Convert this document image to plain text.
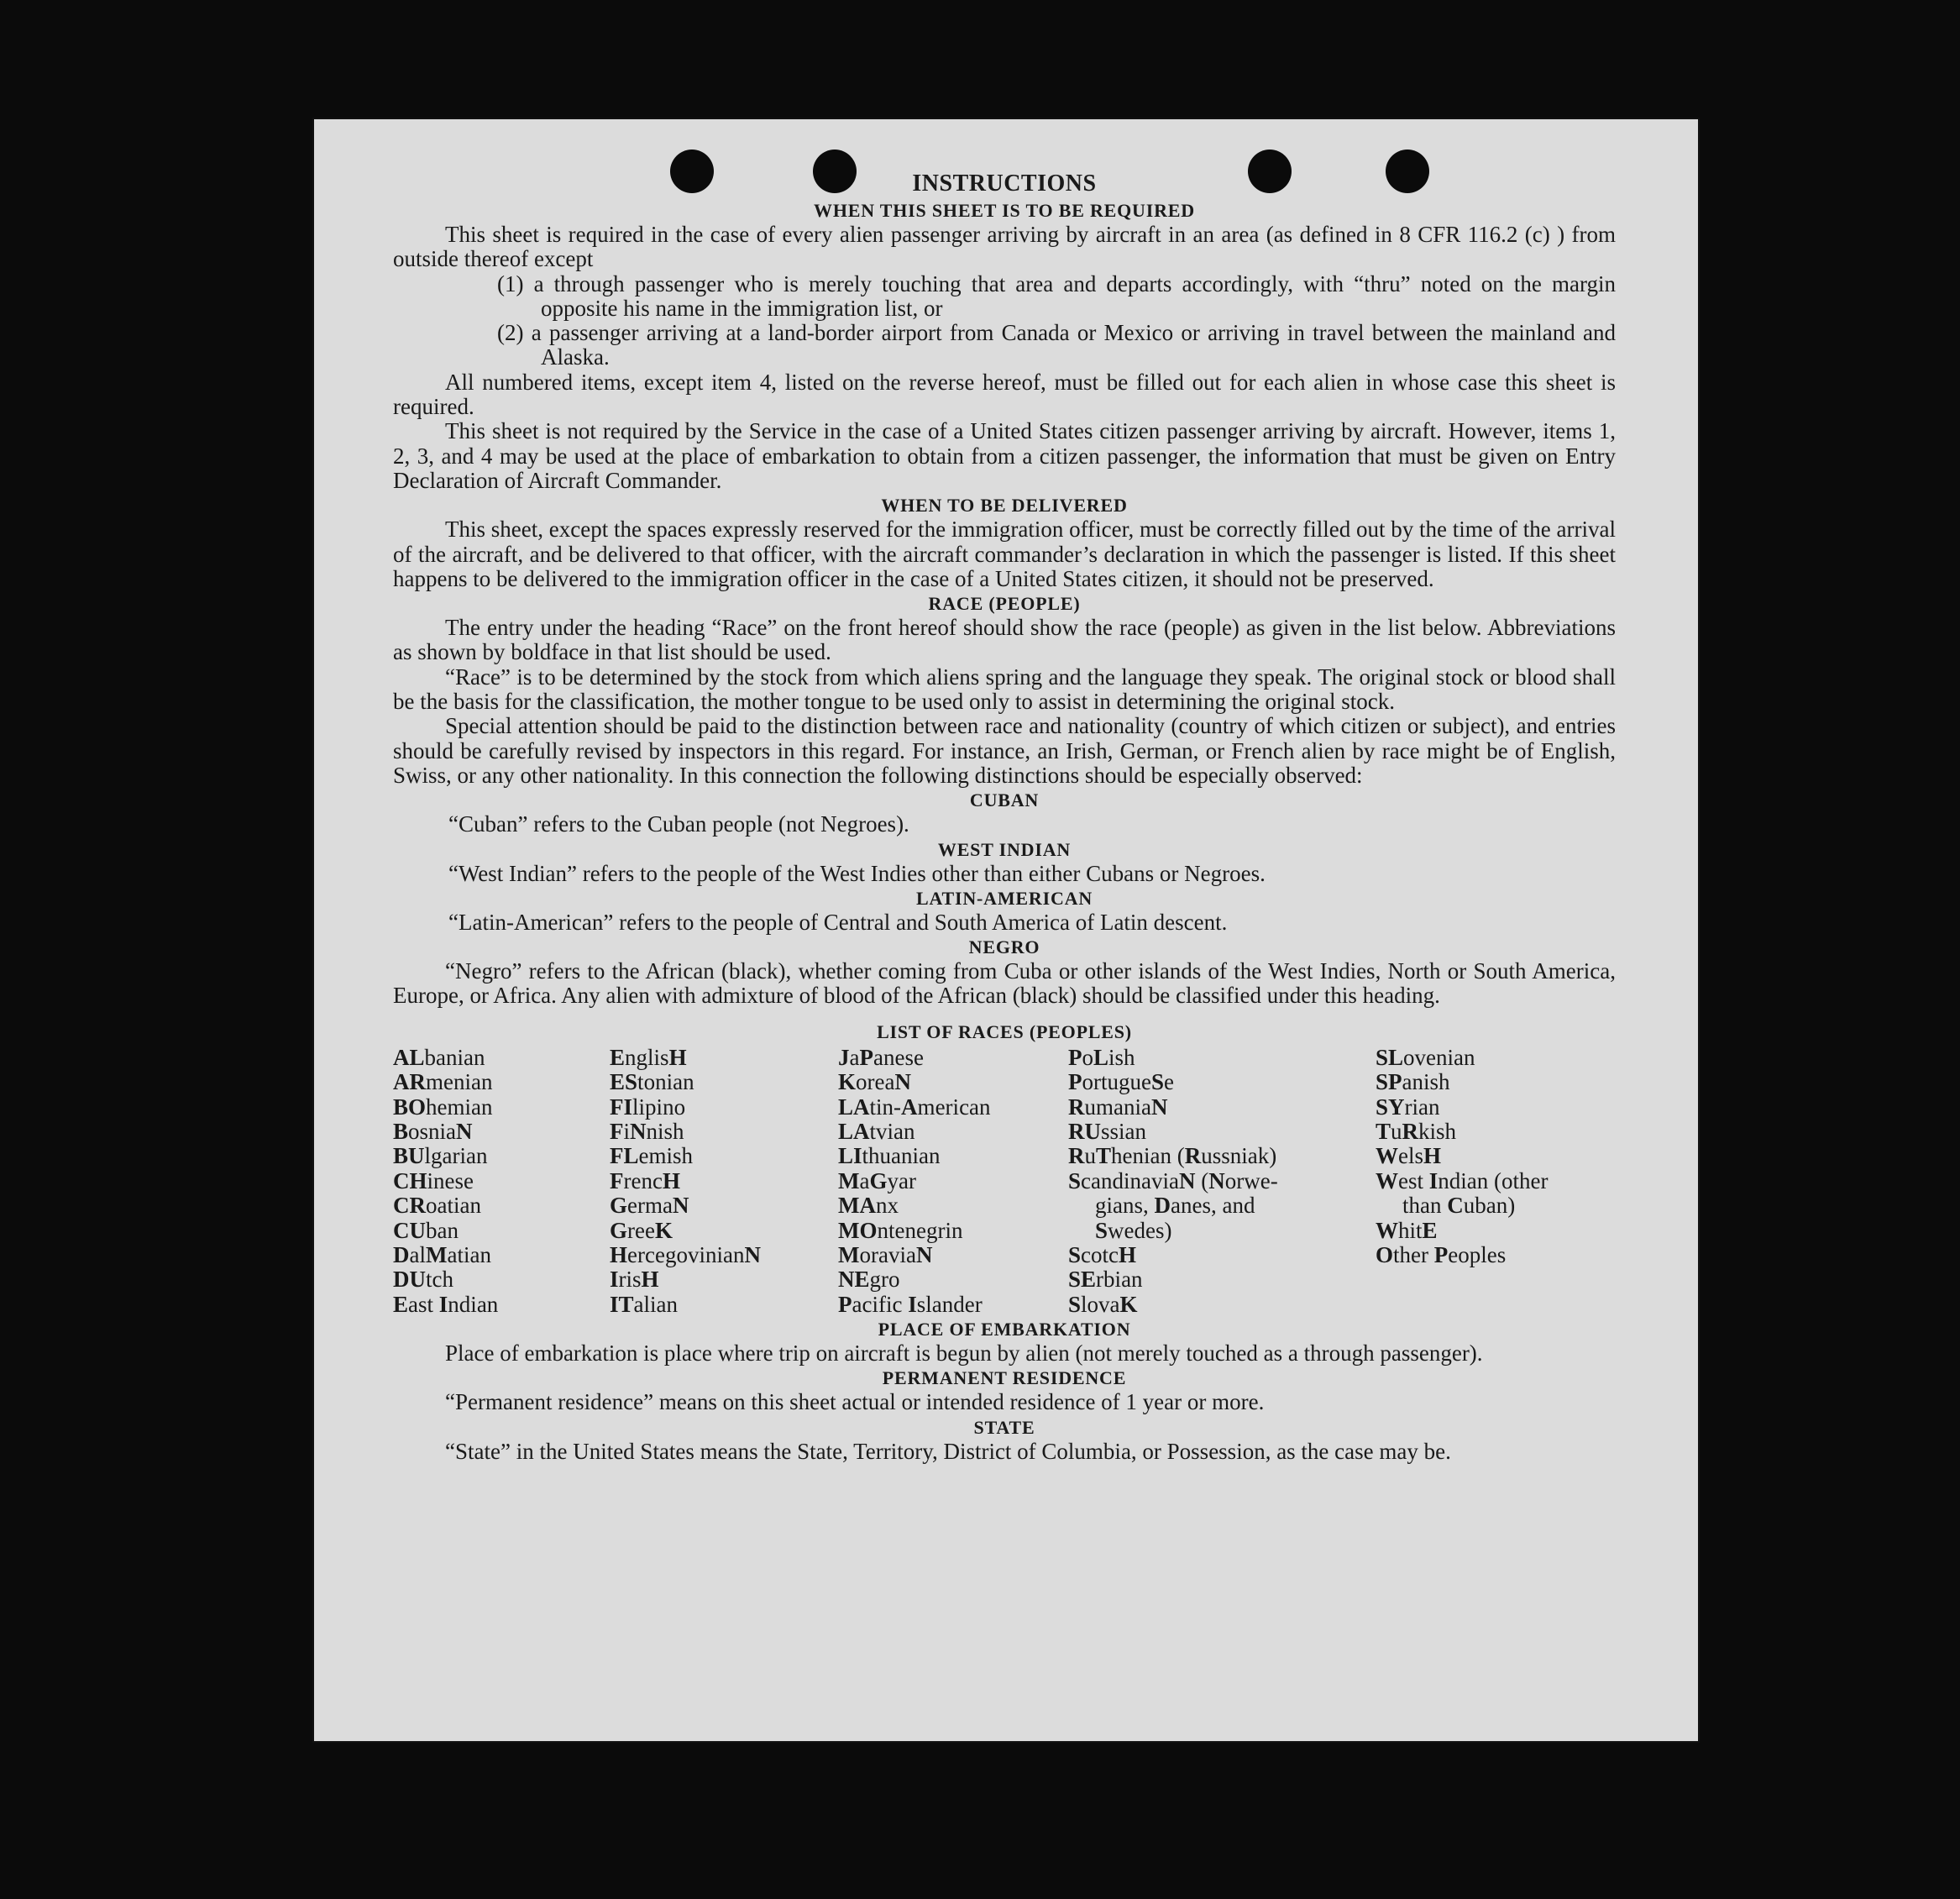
INSTRUCTIONS
WHEN THIS SHEET IS TO BE REQUIRED

This sheet is required in the case of every alien passenger arriving by aircraft in an area (as defined in 8 CFR 116.2 (c) ) from outside thereof except

(1) a through passenger who is merely touching that area and departs accordingly, with “thru” noted on the margin opposite his name in the immigration list, or

(2) a passenger arriving at a land-border airport from Canada or Mexico or arriving in travel between the mainland and Alaska.

All numbered items, except item 4, listed on the reverse hereof, must be filled out for each alien in whose case this sheet is required.

This sheet is not required by the Service in the case of a United States citizen passenger arriving by aircraft. However, items 1, 2, 3, and 4 may be used at the place of embarkation to obtain from a citizen passenger, the information that must be given on Entry Declaration of Aircraft Commander.

WHEN TO BE DELIVERED

This sheet, except the spaces expressly reserved for the immigration officer, must be correctly filled out by the time of the arrival of the aircraft, and be delivered to that officer, with the aircraft commander’s declaration in which the passenger is listed. If this sheet happens to be delivered to the immigration officer in the case of a United States citizen, it should not be preserved.

RACE (PEOPLE)

The entry under the heading “Race” on the front hereof should show the race (people) as given in the list below. Abbreviations as shown by boldface in that list should be used.

“Race” is to be determined by the stock from which aliens spring and the language they speak. The original stock or blood shall be the basis for the classification, the mother tongue to be used only to assist in determining the original stock.

Special attention should be paid to the distinction between race and nationality (country of which citizen or subject), and entries should be carefully revised by inspectors in this regard. For instance, an Irish, German, or French alien by race might be of English, Swiss, or any other nationality. In this connection the following distinctions should be especially observed:

CUBAN

“Cuban” refers to the Cuban people (not Negroes).

WEST INDIAN

“West Indian” refers to the people of the West Indies other than either Cubans or Negroes.

LATIN-AMERICAN

“Latin-American” refers to the people of Central and South America of Latin descent.

NEGRO

“Negro” refers to the African (black), whether coming from Cuba or other islands of the West Indies, North or South America, Europe, or Africa. Any alien with admixture of blood of the African (black) should be classified under this heading.

LIST OF RACES (PEOPLES)
ALbanian
ARmenian
BOhemian
BosniaN
BUlgarian
CHinese
CRoatian
CUban
DalMatian
DUtch
East Indian
EnglisH
EStonian
FIlipino
FiNnish
FLemish
FrencH
GermaN
GreeK
HercegovinianN
IrisH
ITalian
JaPanese
KoreaN
LAtin-American
LAtvian
LIthuanian
MaGyar
MAnx
MOntenegrin
MoraviaN
NEgro
Pacific Islander
PoLish
PortugueSe
RumaniaN
RUssian
RuThenian (Russniak)
ScandinaviaN (Norwe-
gians, Danes, and
Swedes)
ScotcH
SErbian
SlovaK
SLovenian
SPanish
SYrian
TuRkish
WelsH
West Indian (other
than Cuban)
WhitE
Other Peoples
PLACE OF EMBARKATION

Place of embarkation is place where trip on aircraft is begun by alien (not merely touched as a through passenger).

PERMANENT RESIDENCE

“Permanent residence” means on this sheet actual or intended residence of 1 year or more.

STATE

“State” in the United States means the State, Territory, District of Columbia, or Possession, as the case may be.
